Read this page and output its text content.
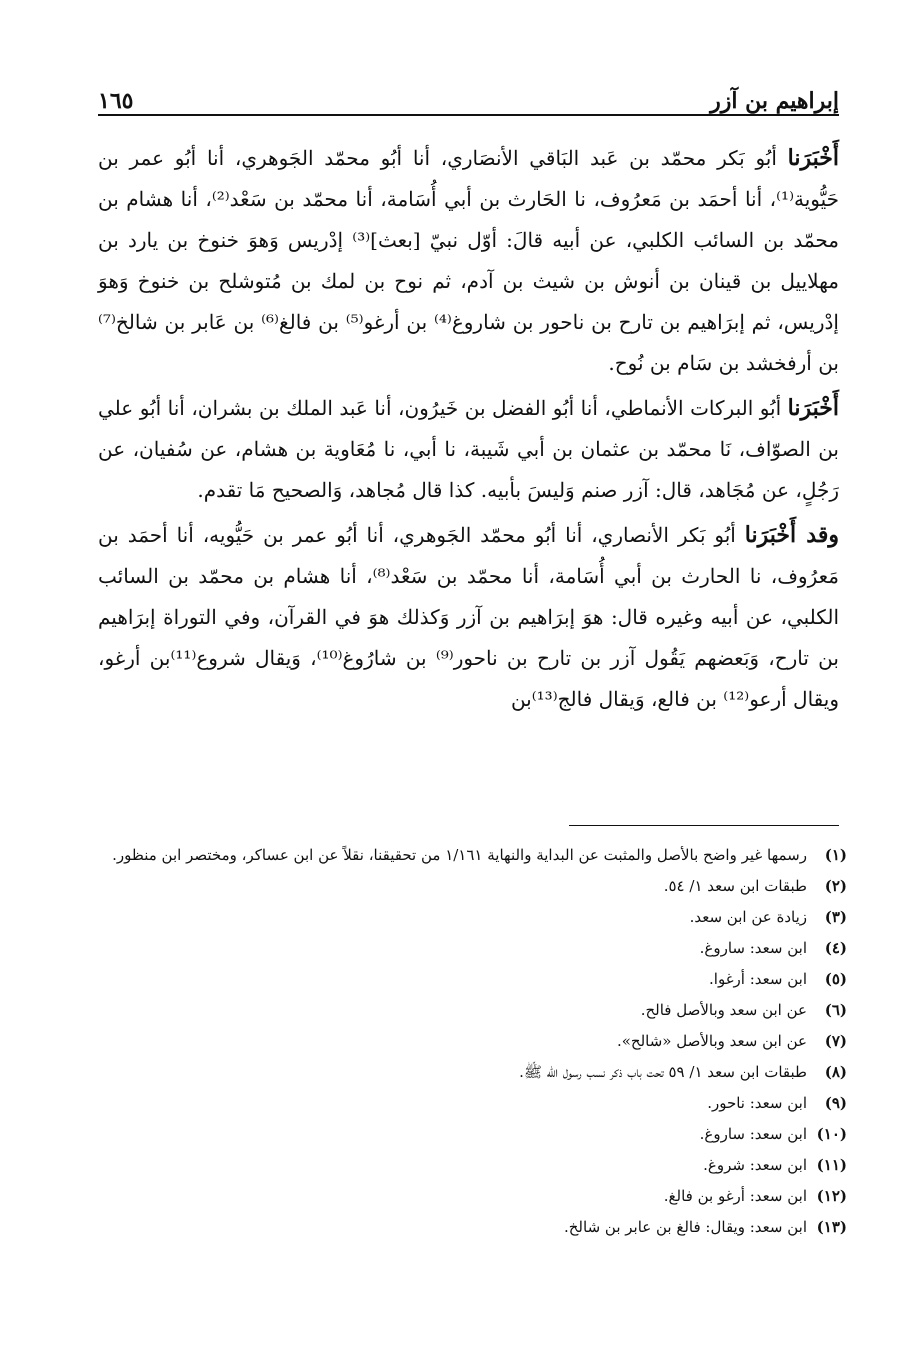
إبراهيم بن آزر
١٦٥

أَخْبَرَنا أبُو بَكر محمّد بن عَبد البَاقي الأنصَاري، أنا أبُو محمّد الجَوهري، أنا أبُو عمر بن حَيُّوية⁽¹⁾، أنا أحمَد بن مَعرُوف، نا الحَارث بن أبي أُسَامة، أنا محمّد بن سَعْد⁽²⁾، أنا هشام بن محمّد بن السائب الكلبي، عن أبيه قالَ: أوّل نبيّ [بعث]⁽³⁾ إدْريس وَهوَ خنوخ بن يارد بن مهلاييل بن قينان بن أنوش بن شيث بن آدم، ثم نوح بن لمك بن مُتوشلح بن خنوخ وَهوَ إدْريس، ثم إبرَاهيم بن تارح بن ناحور بن شاروغ⁽⁴⁾ بن أرغو⁽⁵⁾ بن فالغ⁽⁶⁾ بن عَابر بن شالخ⁽⁷⁾ بن أرفخشد بن سَام بن نُوح.

أَخْبَرَنا أبُو البركات الأنماطي، أنا أبُو الفضل بن خَيرُون، أنا عَبد الملك بن بشران، أنا أبُو علي بن الصوّاف، نَا محمّد بن عثمان بن أبي شَيبة، نا أبي، نا مُعَاوية بن هشام، عن سُفيان، عن رَجُلٍ، عن مُجَاهد، قال: آزر صنم وَليسَ بأبيه. كذا قال مُجاهد، وَالصحيح مَا تقدم.

وقد أَخْبَرَنا أبُو بَكر الأنصاري، أنا أبُو محمّد الجَوهري، أنا أبُو عمر بن حَيُّويه، أنا أحمَد بن مَعرُوف، نا الحارث بن أبي أُسَامة، أنا محمّد بن سَعْد⁽⁸⁾، أنا هشام بن محمّد بن السائب الكلبي، عن أبيه وغيره قال: هوَ إبرَاهيم بن آزر وَكذلك هوَ في القرآن، وفي التوراة إبرَاهيم بن تارح، وَبَعضهم يَقُول آزر بن تارح بن ناحور⁽⁹⁾ بن شارُوغ⁽¹⁰⁾، وَيقال شروع⁽¹¹⁾بن أرغو، ويقال أرعو⁽¹²⁾ بن فالع، وَيقال فالج⁽¹³⁾بن

(١)
رسمها غير واضح بالأصل والمثبت عن البداية والنهاية ١/١٦١ من تحقيقنا، نقلاً عن ابن عساكر، ومختصر ابن منظور.
(٢)
طبقات ابن سعد ١/ ٥٤.
(٣)
زيادة عن ابن سعد.
(٤)
ابن سعد: ساروغ.
(٥)
ابن سعد: أرغوا.
(٦)
عن ابن سعد وبالأصل فالح.
(٧)
عن ابن سعد وبالأصل «شالح».
(٨)
طبقات ابن سعد ١/ ٥٩ تحت باب ذكر نسب رسول الله ﷺ.
(٩)
ابن سعد: ناحور.
(١٠)
ابن سعد: ساروغ.
(١١)
ابن سعد: شروغ.
(١٢)
ابن سعد: أرغو بن فالغ.
(١٣)
ابن سعد: ويقال: فالغ بن عابر بن شالخ.
